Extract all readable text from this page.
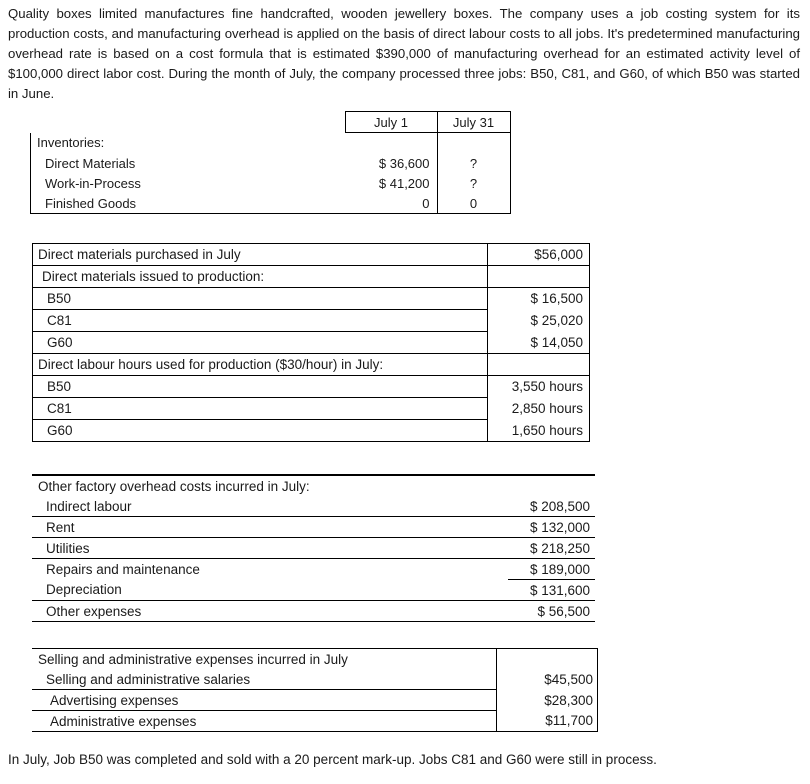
Quality boxes limited manufactures fine handcrafted, wooden jewellery boxes. The company uses a job costing system for its production costs, and manufacturing overhead is applied on the basis of direct labour costs to all jobs. It's predetermined manufacturing overhead rate is based on a cost formula that is estimated $390,000 of manufacturing overhead for an estimated activity level of $100,000 direct labor cost. During the month of July, the company processed three jobs: B50, C81, and G60, of which B50 was started in June.
	July 1	July 31
Inventories:		
Direct Materials	$ 36,600	?
Work-in-Process	$ 41,200	?
Finished Goods	0	0
Direct materials purchased in July	$56,000
Direct materials issued to production:	
B50	$ 16,500
C81	$ 25,020
G60	$ 14,050
Direct labour hours used for production ($30/hour) in July:	
B50	3,550 hours
C81	2,850 hours
G60	1,650 hours
Other factory overhead costs incurred in July:	
Indirect labour	$ 208,500
Rent	$ 132,000
Utilities	$ 218,250
Repairs and maintenance	$ 189,000
Depreciation	$ 131,600
Other expenses	$ 56,500
Selling and administrative expenses incurred in July	
Selling and administrative salaries	$45,500
Advertising expenses	$28,300
Administrative expenses	$11,700
In July, Job B50 was completed and sold with a 20 percent mark-up. Jobs C81 and G60 were still in process.
